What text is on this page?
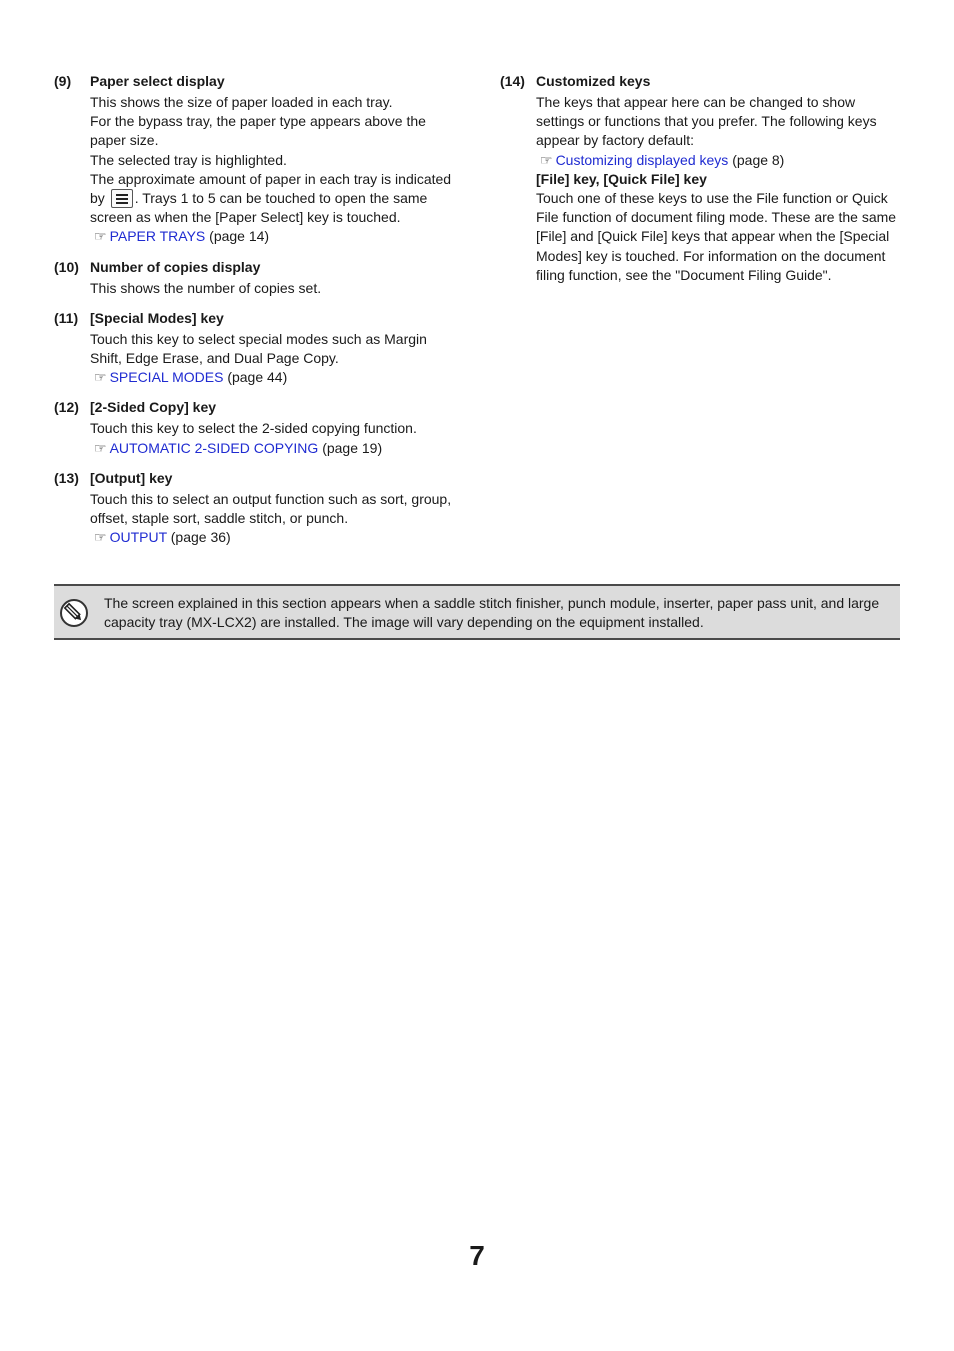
(9)	Paper select display

This shows the size of paper loaded in each tray.

For the bypass tray, the paper type appears above the paper size.

The selected tray is highlighted.

The approximate amount of paper in each tray is indicated by . Trays 1 to 5 can be touched to open the same screen as when the [Paper Select] key is touched.

☞ PAPER TRAYS (page 14)

(10) Number of copies display

This shows the number of copies set.

(11) [Special Modes] key

Touch this key to select special modes such as Margin Shift, Edge Erase, and Dual Page Copy.

☞ SPECIAL MODES (page 44)

(12) [2-Sided Copy] key

Touch this key to select the 2-sided copying function.

☞ AUTOMATIC 2-SIDED COPYING (page 19)

(13) [Output] key

Touch this to select an output function such as sort, group, offset, staple sort, saddle stitch, or punch.

☞ OUTPUT (page 36)

(14) Customized keys

The keys that appear here can be changed to show settings or functions that you prefer. The following keys appear by factory default:

☞ Customizing displayed keys (page 8)

[File] key, [Quick File] key

Touch one of these keys to use the File function or Quick File function of document filing mode. These are the same [File] and [Quick File] keys that appear when the [Special Modes] key is touched. For information on the document filing function, see the "Document Filing Guide".

The screen explained in this section appears when a saddle stitch finisher, punch module, inserter, paper pass unit, and large capacity tray (MX-LCX2) are installed. The image will vary depending on the equipment installed.
7
